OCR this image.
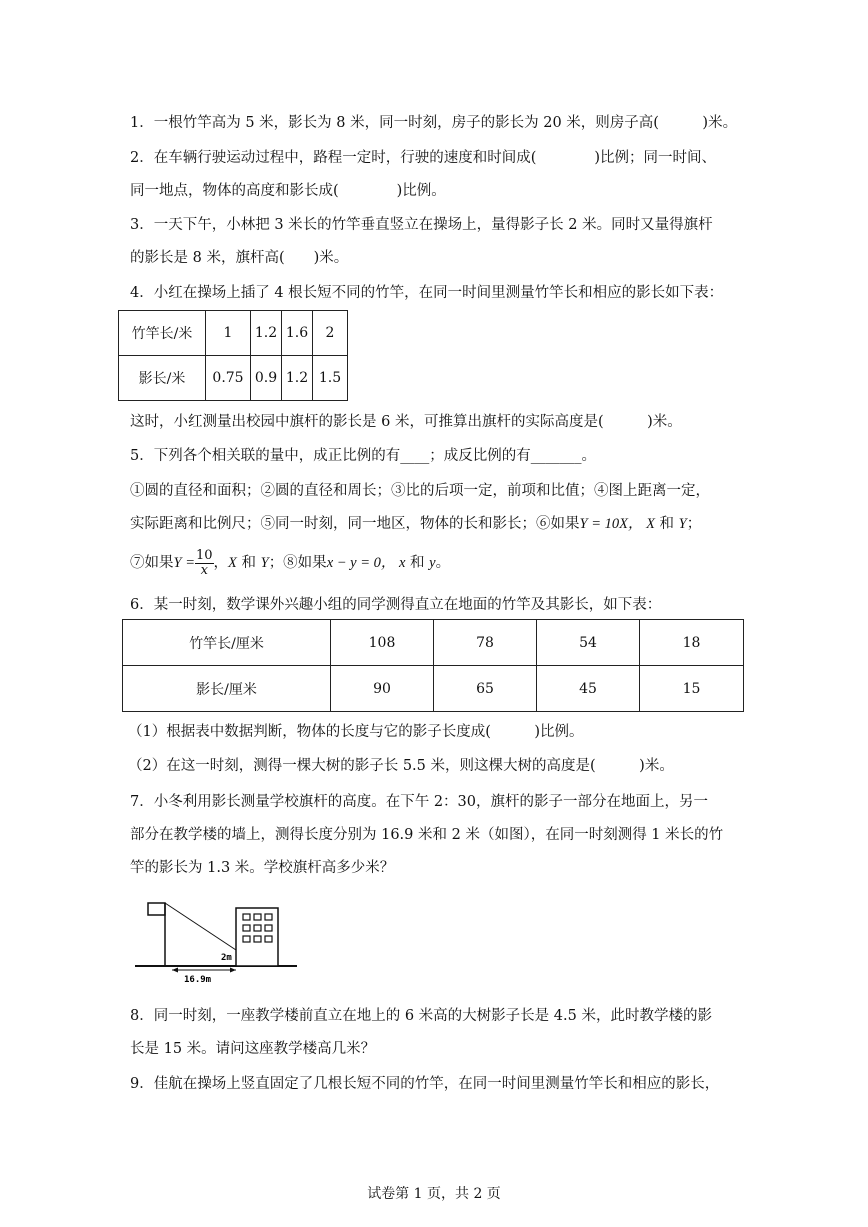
1．一根竹竿高为 5 米，影长为 8 米，同一时刻，房子的影长为 20 米，则房子高(　　　)米。
2．在车辆行驶运动过程中，路程一定时，行驶的速度和时间成(　　　　)比例；同一时间、
同一地点，物体的高度和影长成(　　　　)比例。
3．一天下午，小林把 3 米长的竹竿垂直竖立在操场上，量得影子长 2 米。同时又量得旗杆
的影长是 8 米，旗杆高(　　)米。
4．小红在操场上插了 4 根长短不同的竹竿，在同一时间里测量竹竿长和相应的影长如下表：
竹竿长/米	1	1.2	1.6	2
影长/米	0.75	0.9	1.2	1.5
这时，小红测量出校园中旗杆的影长是 6 米，可推算出旗杆的实际高度是(　　　)米。
5．下列各个相关联的量中，成正比例的有____；成反比例的有_______。
①圆的直径和面积；②圆的直径和周长；③比的后项一定，前项和比值；④图上距离一定，
实际距离和比例尺；⑤同一时刻，同一地区，物体的长和影长；⑥如果Y = 10X， X 和 Y；
⑦如果$Y = \frac{10}{x}$ ，X 和 Y；⑧如果x − y = 0， x 和 y。
6．某一时刻，数学课外兴趣小组的同学测得直立在地面的竹竿及其影长，如下表：
竹竿长/厘米	108	78	54	18
影长/厘米	90	65	45	15
（1）根据表中数据判断，物体的长度与它的影子长度成(　　　)比例。
（2）在这一时刻，测得一棵大树的影子长 5.5 米，则这棵大树的高度是(　　　)米。
7．小冬利用影长测量学校旗杆的高度。在下午 2：30，旗杆的影子一部分在地面上，另一
部分在教学楼的墙上，测得长度分别为 16.9 米和 2 米（如图），在同一时刻测得 1 米长的竹
竿的影长为 1.3 米。学校旗杆高多少米？
2m
16.9m
8．同一时刻，一座教学楼前直立在地上的 6 米高的大树影子长是 4.5 米，此时教学楼的影
长是 15 米。请问这座教学楼高几米？
9．佳航在操场上竖直固定了几根长短不同的竹竿，在同一时间里测量竹竿长和相应的影长，
试卷第 1 页，共 2 页
